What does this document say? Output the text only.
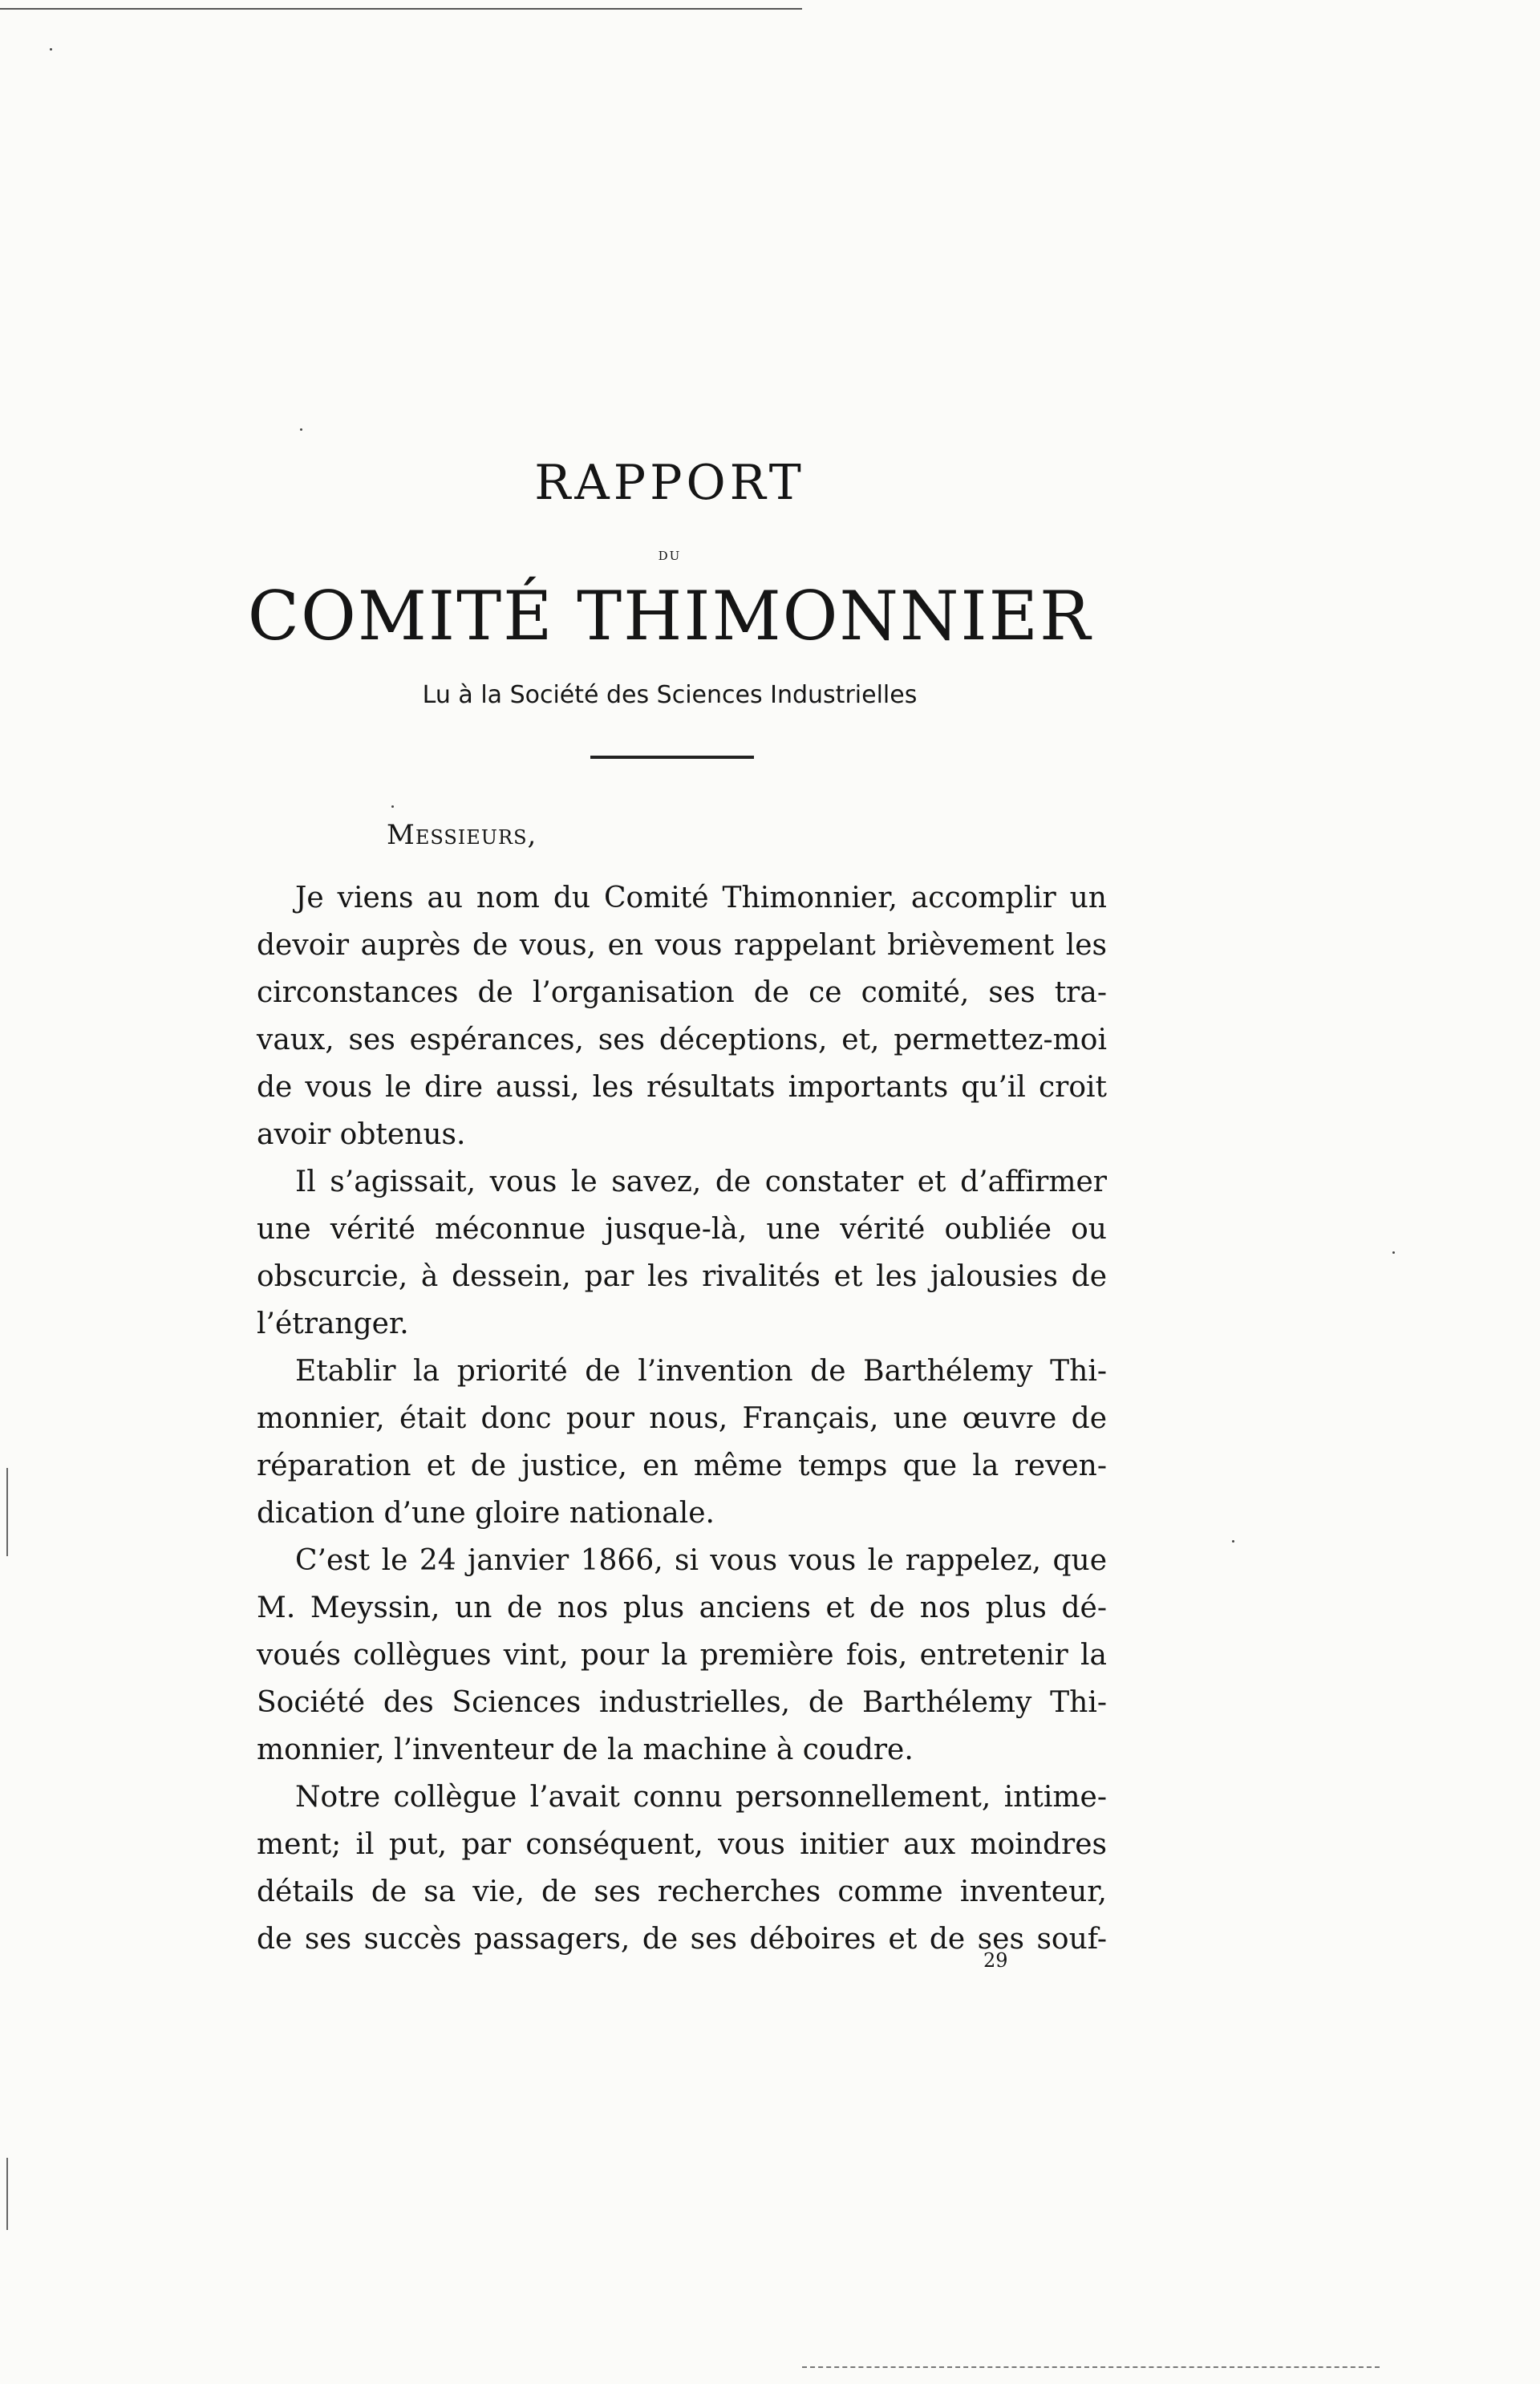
RAPPORT
DU
COMITÉ THIMONNIER
Lu à la Société des Sciences Industrielles
Messieurs,
Je viens au nom du Comité Thimonnier, accomplir un
devoir auprès de vous, en vous rappelant brièvement les
circonstances de l’organisation de ce comité, ses tra-
vaux, ses espérances, ses déceptions, et, permettez-moi
de vous le dire aussi, les résultats importants qu’il croit
avoir obtenus.
Il s’agissait, vous le savez, de constater et d’affirmer
une vérité méconnue jusque-là, une vérité oubliée ou
obscurcie, à dessein, par les rivalités et les jalousies de
l’étranger.
Etablir la priorité de l’invention de Barthélemy Thi-
monnier, était donc pour nous, Français, une œuvre de
réparation et de justice, en même temps que la reven-
dication d’une gloire nationale.
C’est le 24 janvier 1866, si vous vous le rappelez, que
M. Meyssin, un de nos plus anciens et de nos plus dé-
voués collègues vint, pour la première fois, entretenir la
Société des Sciences industrielles, de Barthélemy Thi-
monnier, l’inventeur de la machine à coudre.
Notre collègue l’avait connu personnellement, intime-
ment; il put, par conséquent, vous initier aux moindres
détails de sa vie, de ses recherches comme inventeur,
de ses succès passagers, de ses déboires et de ses souf-
29
